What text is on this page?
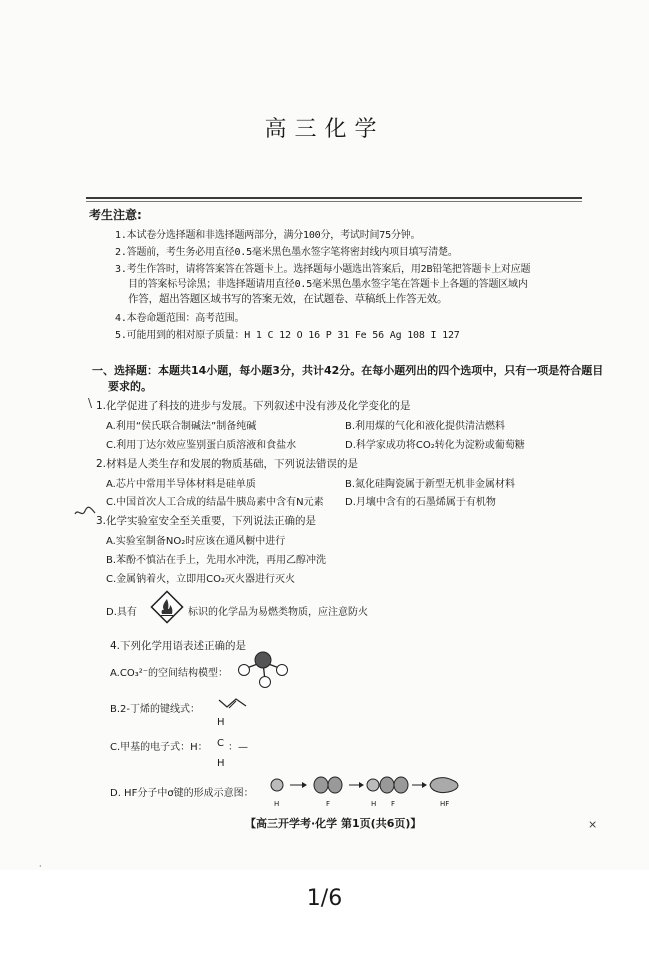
高三化学
考生注意:
1.本试卷分选择题和非选择题两部分，满分100分，考试时间75分钟。
2.答题前，考生务必用直径0.5毫米黑色墨水签字笔将密封线内项目填写清楚。
3.考生作答时，请将答案答在答题卡上。选择题每小题选出答案后，用2B铅笔把答题卡上对应题
目的答案标号涂黑；非选择题请用直径0.5毫米黑色墨水签字笔在答题卡上各题的答题区域内
作答，超出答题区域书写的答案无效，在试题卷、草稿纸上作答无效。
4.本卷命题范围：高考范围。
5.可能用到的相对原子质量：H 1 C 12 O 16 P 31 Fe 56 Ag 108 I 127
一、选择题：本题共14小题，每小题3分，共计42分。在每小题列出的四个选项中，只有一项是符合题目
要求的。
\ 1.化学促进了科技的进步与发展。下列叙述中没有涉及化学变化的是
A.利用“侯氏联合制碱法”制备纯碱	B.利用煤的气化和液化提供清洁燃料
C.利用丁达尔效应鉴别蛋白质溶液和食盐水	D.科学家成功将CO₂转化为淀粉或葡萄糖
2.材料是人类生存和发展的物质基础，下列说法错误的是
A.芯片中常用半导体材料是硅单质	B.氮化硅陶瓷属于新型无机非金属材料
C.中国首次人工合成的结晶牛胰岛素中含有N元素 D.月壤中含有的石墨烯属于有机物
3.化学实验室安全至关重要，下列说法正确的是
A.实验室制备NO₂时应该在通风橱中进行
B.苯酚不慎沾在手上，先用水冲洗，再用乙醇冲洗
C.金属钠着火，立即用CO₂灭火器进行灭火
D.具有	标识的化学品为易燃类物质，应注意防火
4.下列化学用语表述正确的是
A.CO₃²⁻的空间结构模型：
B.2-丁烯的键线式：
H
C.甲基的电子式：H： C ：—
H
D. HF分子中σ键的形成示意图：
H	F	H F	HF
【高三开学考·化学 第1页(共6页)】	×
·
1/6
